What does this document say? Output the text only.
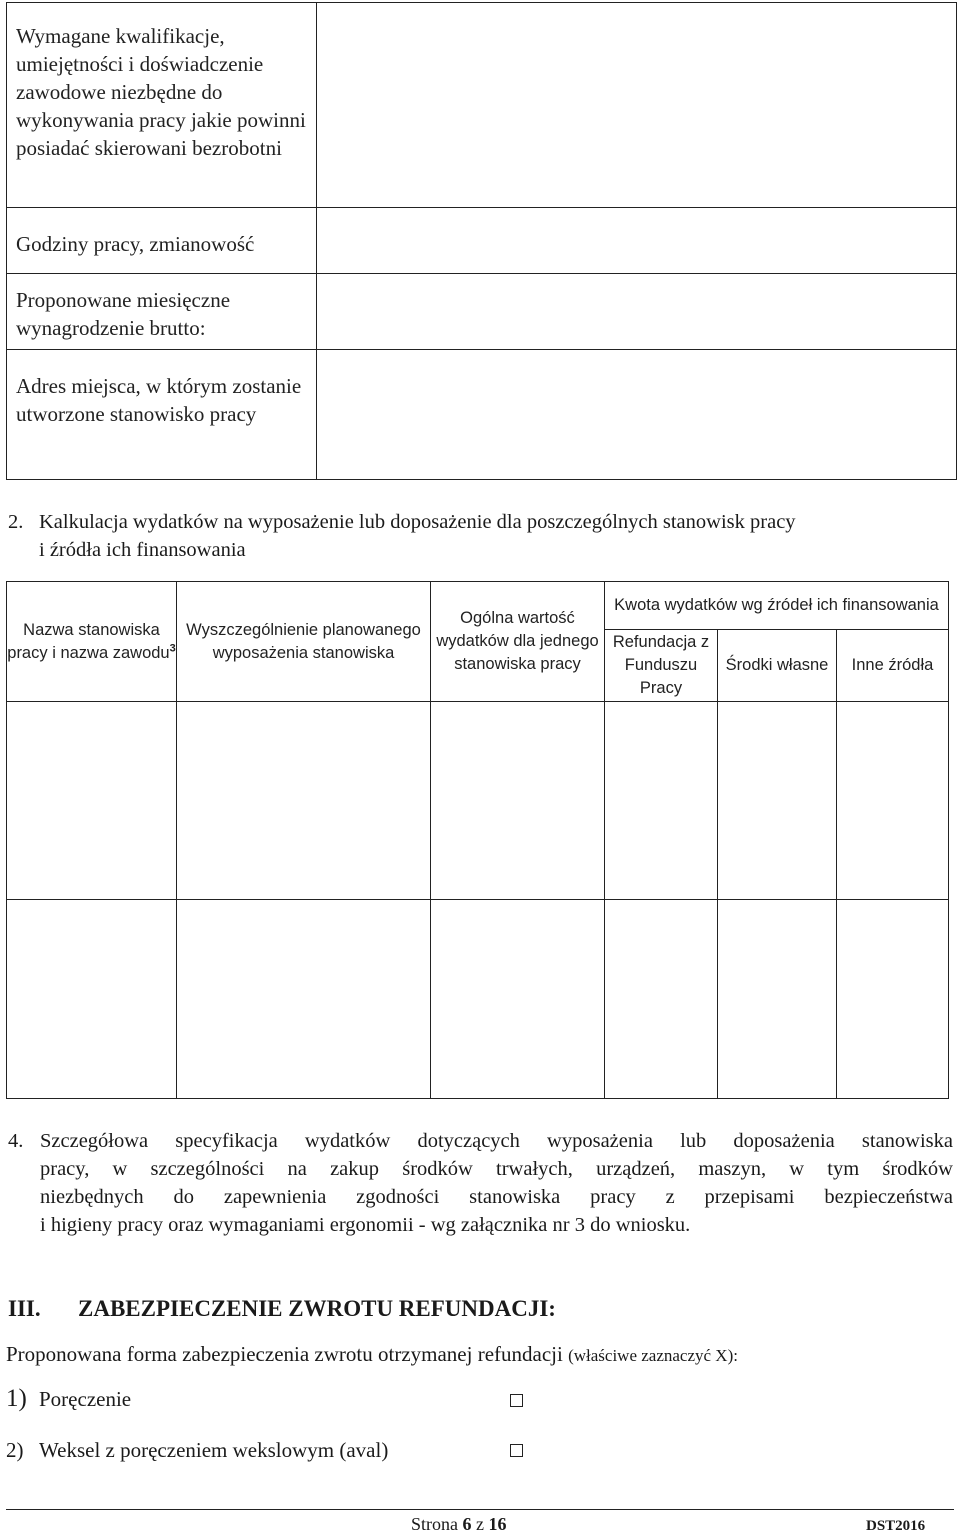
Wymagane kwalifikacje, umiejętności i doświadczenie zawodowe niezbędne do wykonywania pracy jakie powinni posiadać skierowani bezrobotni
Godziny pracy, zmianowość
Proponowane miesięczne wynagrodzenie brutto:
Adres miejsca, w którym zostanie utworzone stanowisko pracy
2. Kalkulacja wydatków na wyposażenie lub doposażenie dla poszczególnych stanowisk pracy
i źródła ich finansowania
Nazwa stanowiska pracy i nazwa zawodu$^3$
Wyszczególnienie planowanego wyposażenia stanowiska
Ogólna wartość wydatków dla jednego stanowiska pracy
Kwota wydatków wg źródeł ich finansowania
Refundacja z Funduszu Pracy
Środki własne	Inne źródła
4. Szczegółowa specyfikacja wydatków dotyczących wyposażenia lub doposażenia stanowiska
pracy, w szczególności na zakup środków trwałych, urządzeń, maszyn, w tym środków
niezbędnych do zapewnienia zgodności stanowiska pracy z przepisami bezpieczeństwa
i higieny pracy oraz wymaganiami ergonomii - wg załącznika nr 3 do wniosku.
III. ZABEZPIECZENIE ZWROTU REFUNDACJI:
Proponowana forma zabezpieczenia zwrotu otrzymanej refundacji (właściwe zaznaczyć X):
1) Poręczenie
2) Weksel z poręczeniem wekslowym (aval)
Strona 6 z 16	DST2016
